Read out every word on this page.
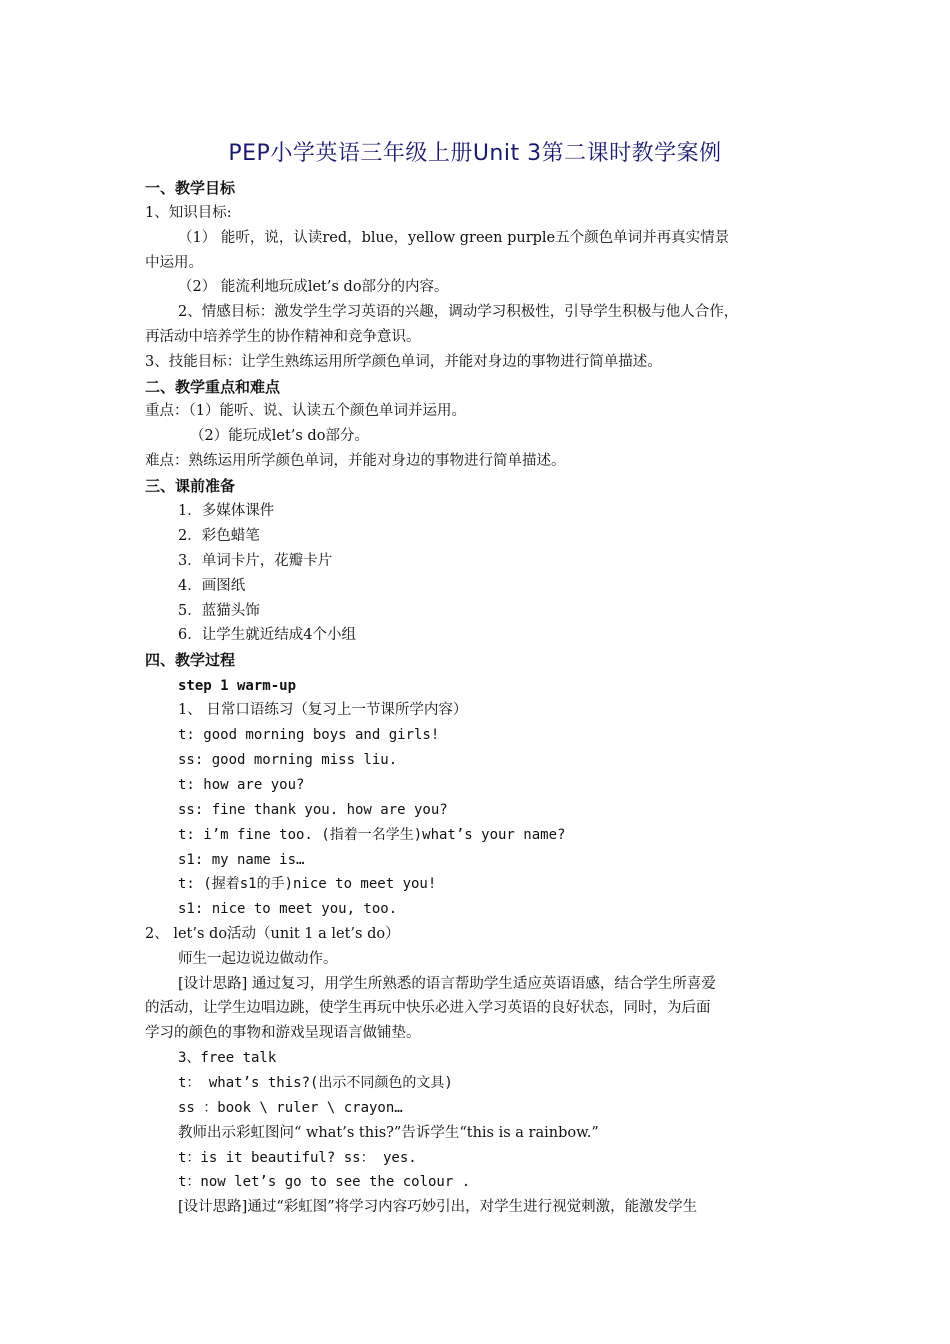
PEP小学英语三年级上册Unit 3第二课时教学案例
一、教学目标
1、知识目标:
（1） 能听，说，认读red，blue，yellow green purple五个颜色单词并再真实情景
中运用。
（2） 能流利地玩成let’s do部分的内容。
2、情感目标：激发学生学习英语的兴趣，调动学习积极性，引导学生积极与他人合作，
再活动中培养学生的协作精神和竞争意识。
3、技能目标：让学生熟练运用所学颜色单词，并能对身边的事物进行简单描述。
二、教学重点和难点
重点：（1）能听、说、认读五个颜色单词并运用。
（2）能玩成let’s do部分。
难点：熟练运用所学颜色单词，并能对身边的事物进行简单描述。
三、课前准备
1．多媒体课件
2．彩色蜡笔
3．单词卡片，花瓣卡片
4．画图纸
5．蓝猫头饰
6．让学生就近结成4个小组
四、教学过程
step 1 warm-up
1、 日常口语练习（复习上一节课所学内容）
t: good morning boys and girls!
ss: good morning miss liu.
t: how are you?
ss: fine thank you. how are you?
t: i’m fine too. (指着一名学生)what’s your name?
s1: my name is…
t: (握着s1的手)nice to meet you!
s1: nice to meet you, too.
2、 let’s do活动（unit 1 a let’s do）
师生一起边说边做动作。
[设计思路] 通过复习，用学生所熟悉的语言帮助学生适应英语语感，结合学生所喜爱
的活动，让学生边唱边跳，使学生再玩中快乐必进入学习英语的良好状态，同时，为后面
学习的颜色的事物和游戏呈现语言做铺垫。
3、free talk
t： what’s this?(出示不同颜色的文具)
ss ：book \ ruler \ crayon…
教师出示彩虹图问“ what’s this?”告诉学生“this is a rainbow.”
t：is it beautiful? ss： yes.
t：now let’s go to see the colour .
[设计思路]通过“彩虹图”将学习内容巧妙引出，对学生进行视觉刺激，能激发学生
